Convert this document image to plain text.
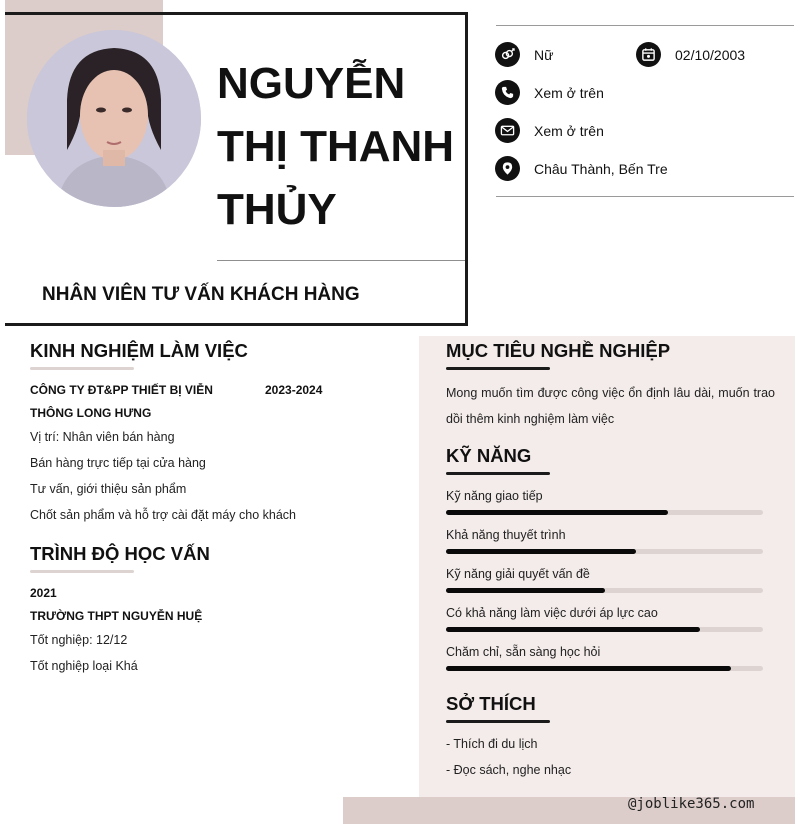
NGUYỄN
THỊ THANH
THỦY
NHÂN VIÊN TƯ VẤN KHÁCH HÀNG
Nữ	02/10/2003
Xem ở trên
Xem ở trên
Châu Thành, Bến Tre
KINH NGHIỆM LÀM VIỆC
CÔNG TY ĐT&PP THIẾT BỊ VIỄN	2023-2024
THÔNG LONG HƯNG
Vị trí: Nhân viên bán hàng
Bán hàng trực tiếp tại cửa hàng
Tư vấn, giới thiệu sản phẩm
Chốt sản phẩm và hỗ trợ cài đặt máy cho khách
TRÌNH ĐỘ HỌC VẤN
2021
TRƯỜNG THPT NGUYỄN HUỆ
Tốt nghiệp: 12/12
Tốt nghiệp loại Khá
MỤC TIÊU NGHỀ NGHIỆP
Mong muốn tìm được công việc ổn định lâu dài, muốn trao dồi thêm kinh nghiệm làm việc
KỸ NĂNG
Kỹ năng giao tiếp
Khả năng thuyết trình
Kỹ năng giải quyết vấn đề
Có khả năng làm việc dưới áp lực cao
Chăm chỉ, sẵn sàng học hỏi
SỞ THÍCH
- Thích đi du lịch
- Đọc sách, nghe nhạc
@joblike365.com
